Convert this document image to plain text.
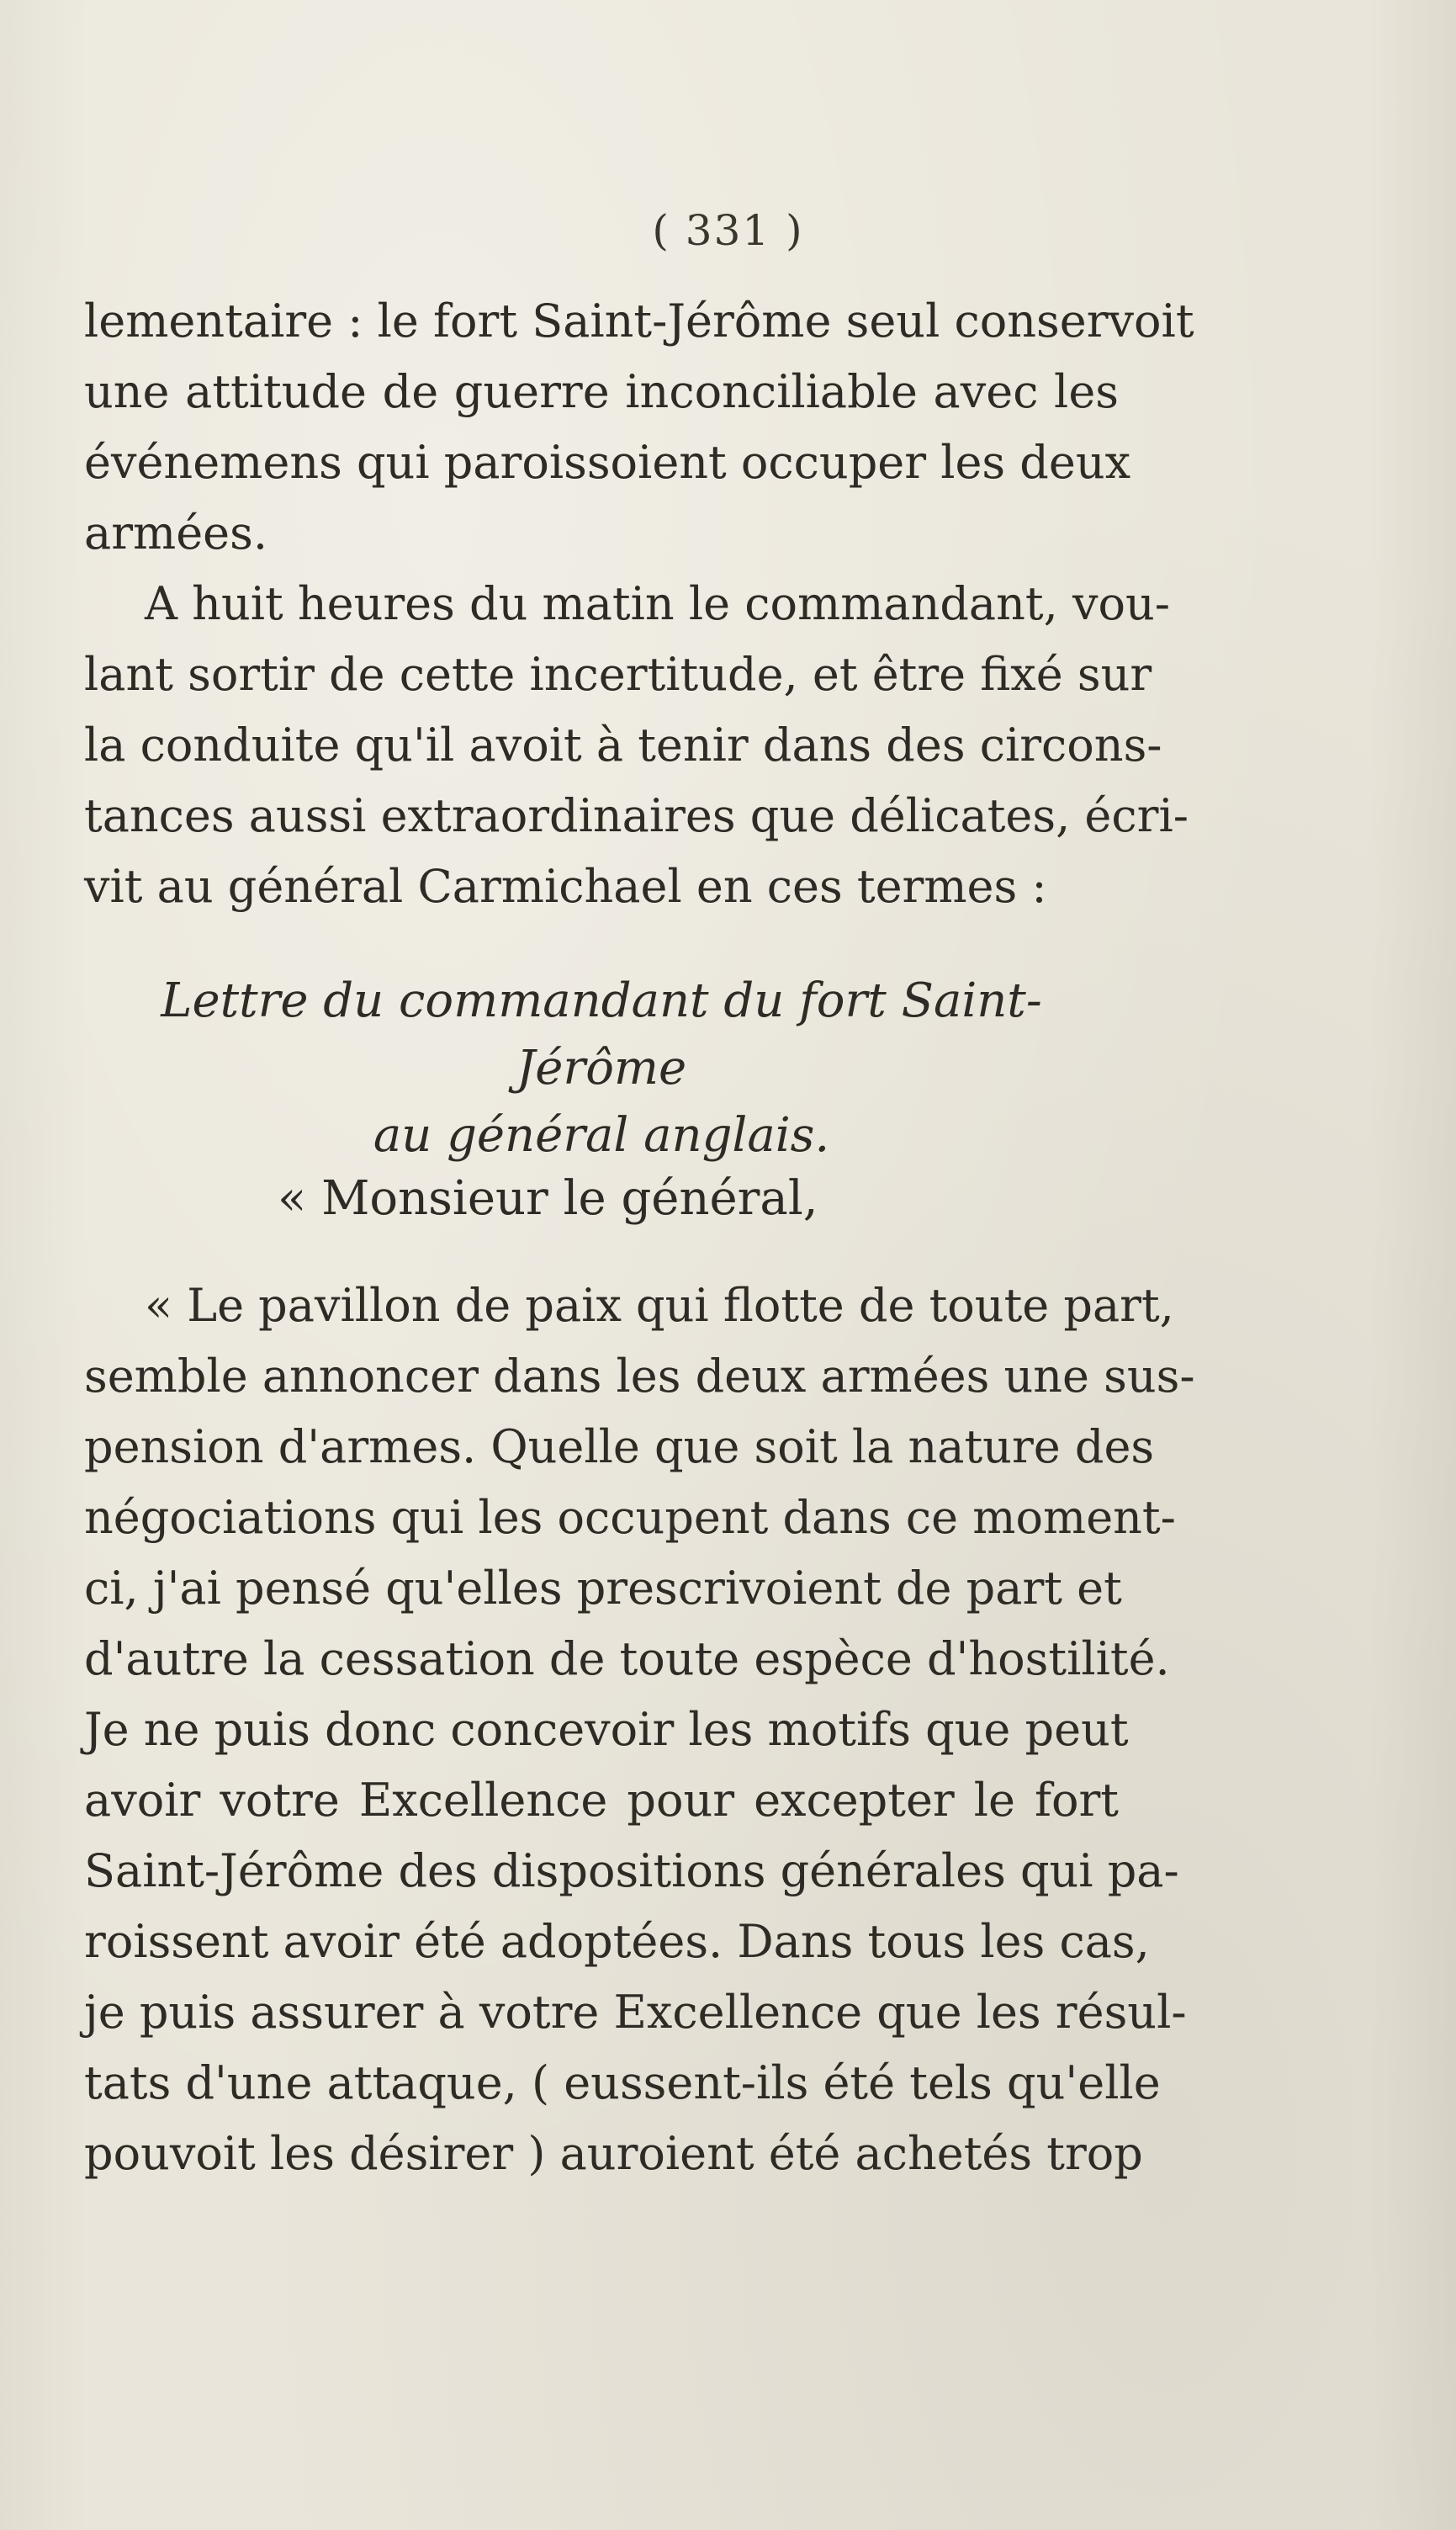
( 331 )
lementaire : le fort Saint-Jérôme seul conservoit
une attitude de guerre inconciliable avec les
événemens qui paroissoient occuper les deux
armées.
A huit heures du matin le commandant, vou-
lant sortir de cette incertitude, et être fixé sur
la conduite qu'il avoit à tenir dans des circons-
tances aussi extraordinaires que délicates, écri-
vit au général Carmichael en ces termes :
Lettre du commandant du fort Saint-Jérôme
au général anglais.
« Monsieur le général,
« Le pavillon de paix qui flotte de toute part,
semble annoncer dans les deux armées une sus-
pension d'armes. Quelle que soit la nature des
négociations qui les occupent dans ce moment-
ci, j'ai pensé qu'elles prescrivoient de part et
d'autre la cessation de toute espèce d'hostilité.
Je ne puis donc concevoir les motifs que peut
avoir votre Excellence pour excepter le fort
Saint-Jérôme des dispositions générales qui pa-
roissent avoir été adoptées. Dans tous les cas,
je puis assurer à votre Excellence que les résul-
tats d'une attaque, ( eussent-ils été tels qu'elle
pouvoit les désirer ) auroient été achetés trop
